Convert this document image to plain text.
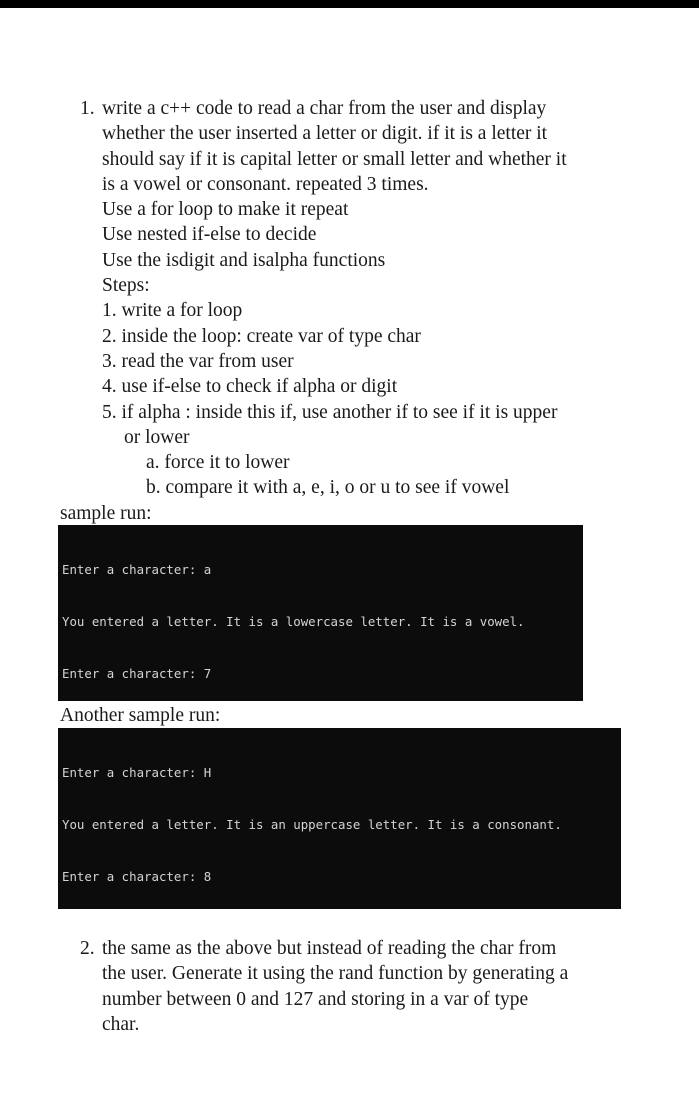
1. write a c++ code to read a char from the user and display
whether the user inserted a letter or digit. if it is a letter it
should say if it is capital letter or small letter and whether it
is a vowel or consonant. repeated 3 times.
Use a for loop to make it repeat
Use nested if-else to decide
Use the isdigit and isalpha functions
Steps:
1. write a for loop
2. inside the loop: create var of type char
3. read the var from user
4. use if-else to check if alpha or digit
5. if alpha : inside this if, use another if to see if it is upper
or lower
a. force it to lower
b. compare it with a, e, i, o or u to see if vowel
sample run:

Enter a character: a

You entered a letter. It is a lowercase letter. It is a vowel.

Enter a character: 7

Another sample run:

Enter a character: H

You entered a letter. It is an uppercase letter. It is a consonant.

Enter a character: 8

2. the same as the above but instead of reading the char from
the user. Generate it using the rand function by generating a
number between 0 and 127 and storing in a var of type
char.
